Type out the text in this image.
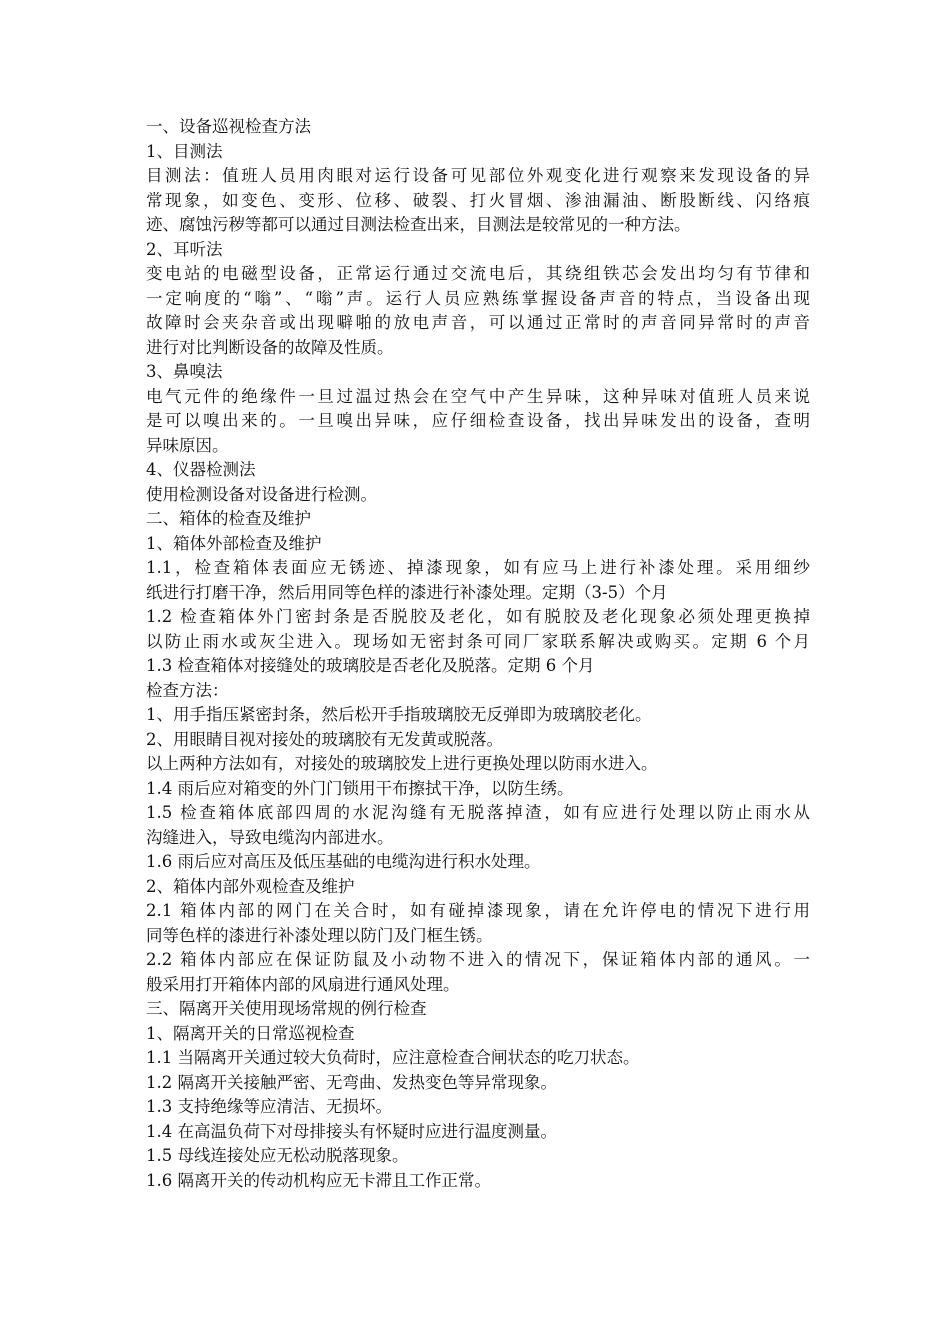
一、设备巡视检查方法
1、目测法
目测法：值班人员用肉眼对运行设备可见部位外观变化进行观察来发现设备的异
常现象，如变色、变形、位移、破裂、打火冒烟、渗油漏油、断股断线、闪络痕
迹、腐蚀污秽等都可以通过目测法检查出来，目测法是较常见的一种方法。
2、耳听法
变电站的电磁型设备，正常运行通过交流电后，其绕组铁芯会发出均匀有节律和
一定响度的“嗡”、“嗡”声。运行人员应熟练掌握设备声音的特点，当设备出现
故障时会夹杂音或出现噼啪的放电声音，可以通过正常时的声音同异常时的声音
进行对比判断设备的故障及性质。
3、鼻嗅法
电气元件的绝缘件一旦过温过热会在空气中产生异味，这种异味对值班人员来说
是可以嗅出来的。一旦嗅出异味，应仔细检查设备，找出异味发出的设备，查明
异味原因。
4、仪器检测法
使用检测设备对设备进行检测。
二、箱体的检查及维护
1、箱体外部检查及维护
1.1，检查箱体表面应无锈迹、掉漆现象，如有应马上进行补漆处理。采用细纱
纸进行打磨干净，然后用同等色样的漆进行补漆处理。定期（3-5）个月
1.2 检查箱体外门密封条是否脱胶及老化，如有脱胶及老化现象必须处理更换掉
以防止雨水或灰尘进入。现场如无密封条可同厂家联系解决或购买。定期 6 个月
1.3 检查箱体对接缝处的玻璃胶是否老化及脱落。定期 6 个月
检查方法：
1、用手指压紧密封条，然后松开手指玻璃胶无反弹即为玻璃胶老化。
2、用眼睛目视对接处的玻璃胶有无发黄或脱落。
以上两种方法如有，对接处的玻璃胶发上进行更换处理以防雨水进入。
1.4 雨后应对箱变的外门门锁用干布擦拭干净，以防生绣。
1.5 检查箱体底部四周的水泥沟缝有无脱落掉渣，如有应进行处理以防止雨水从
沟缝进入，导致电缆沟内部进水。
1.6 雨后应对高压及低压基础的电缆沟进行积水处理。
2、箱体内部外观检查及维护
2.1 箱体内部的网门在关合时，如有碰掉漆现象，请在允许停电的情况下进行用
同等色样的漆进行补漆处理以防门及门框生锈。
2.2 箱体内部应在保证防鼠及小动物不进入的情况下，保证箱体内部的通风。一
般采用打开箱体内部的风扇进行通风处理。
三、隔离开关使用现场常规的例行检查
1、隔离开关的日常巡视检查
1.1 当隔离开关通过较大负荷时，应注意检查合闸状态的吃刀状态。
1.2 隔离开关接触严密、无弯曲、发热变色等异常现象。
1.3 支持绝缘等应清洁、无损坏。
1.4 在高温负荷下对母排接头有怀疑时应进行温度测量。
1.5 母线连接处应无松动脱落现象。
1.6 隔离开关的传动机构应无卡滞且工作正常。
